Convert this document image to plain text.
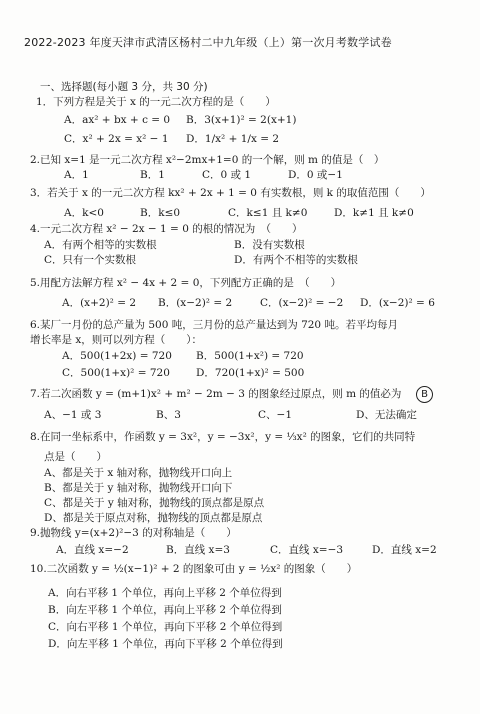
2022-2023 年度天津市武清区杨村二中九年级（上）第一次月考数学试卷
一、选择题(每小题 3 分，共 30 分)
1．下列方程是关于 x 的一元二次方程的是（　　）
A．ax² + bx + c = 0 B．3(x+1)² = 2(x+1)
C．x² + 2x = x² − 1 D．1/x² + 1/x = 2
2.已知 x=1 是一元二次方程 x²−2mx+1=0 的一个解，则 m 的值是（　）
A．1	B．1	C．0 或 1	D．0 或−1
3．若关于 x 的一元二次方程 kx² + 2x + 1 = 0 有实数根，则 k 的取值范围（　　）
A．k<0	B．k≤0	C．k≤1 且 k≠0	D．k≠1 且 k≠0
4.一元二次方程 x² − 2x − 1 = 0 的根的情况为　（　　）
A．有两个相等的实数根	B．没有实数根
C．只有一个实数根	D．有两个不相等的实数根
5.用配方法解方程 x² − 4x + 2 = 0，下列配方正确的是　（　　）
A．(x+2)² = 2 B．(x−2)² = 2	C．(x−2)² = −2 D．(x−2)² = 6
6.某厂一月份的总产量为 500 吨，三月份的总产量达到为 720 吨。若平均每月
增长率是 x，则可以列方程（　　）：
A．500(1+2x) = 720 B．500(1+x²) = 720
C．500(1+x)² = 720 D．720(1+x)² = 500
7.若二次函数 y = (m+1)x² + m² − 2m − 3 的图象经过原点，则 m 的值必为	B
A、−1 或 3	B、3	C、−1	D、无法确定
8.在同一坐标系中，作函数 y = 3x²，y = −3x²，y = ⅓x² 的图象，它们的共同特
点是（　　）
A、都是关于 x 轴对称，抛物线开口向上
B、都是关于 y 轴对称，抛物线开口向下
C、都是关于 y 轴对称，抛物线的顶点都是原点
D、都是关于原点对称，抛物线的顶点都是原点
9.抛物线 y=(x+2)²−3 的对称轴是（　　）
A．直线 x=−2	B．直线 x=3	C．直线 x=−3	D．直线 x=2
10.二次函数 y = ½(x−1)² + 2 的图象可由 y = ½x² 的图象（　　）
A．向右平移 1 个单位，再向上平移 2 个单位得到
B．向左平移 1 个单位，再向上平移 2 个单位得到
C．向右平移 1 个单位，再向下平移 2 个单位得到
D．向左平移 1 个单位，再向下平移 2 个单位得到
